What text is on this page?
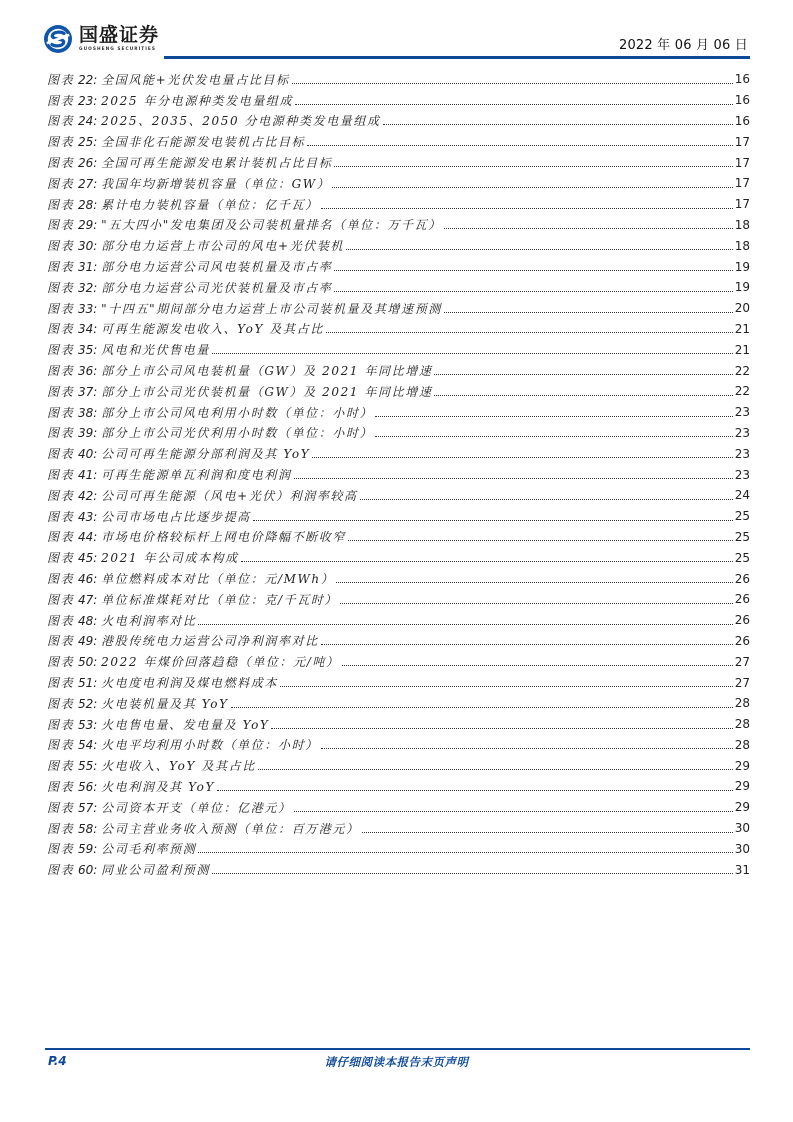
国盛证券
GUOSHENG SECURITIES	2022 年 06 月 06 日
图表 22: 全国风能+光伏发电量占比目标	16
图表 23: 2025 年分电源种类发电量组成	16
图表 24: 2025、2035、2050 分电源种类发电量组成	16
图表 25: 全国非化石能源发电装机占比目标	17
图表 26: 全国可再生能源发电累计装机占比目标	17
图表 27: 我国年均新增装机容量（单位：GW）	17
图表 28: 累计电力装机容量（单位：亿千瓦）	17
图表 29: "五大四小"发电集团及公司装机量排名（单位：万千瓦）	18
图表 30: 部分电力运营上市公司的风电+光伏装机	18
图表 31: 部分电力运营公司风电装机量及市占率	19
图表 32: 部分电力运营公司光伏装机量及市占率	19
图表 33: "十四五"期间部分电力运营上市公司装机量及其增速预测	20
图表 34: 可再生能源发电收入、YoY 及其占比	21
图表 35: 风电和光伏售电量	21
图表 36: 部分上市公司风电装机量（GW）及 2021 年同比增速	22
图表 37: 部分上市公司光伏装机量（GW）及 2021 年同比增速	22
图表 38: 部分上市公司风电利用小时数（单位：小时）	23
图表 39: 部分上市公司光伏利用小时数（单位：小时）	23
图表 40: 公司可再生能源分部利润及其 YoY	23
图表 41: 可再生能源单瓦利润和度电利润	23
图表 42: 公司可再生能源（风电+光伏）利润率较高	24
图表 43: 公司市场电占比逐步提高	25
图表 44: 市场电价格较标杆上网电价降幅不断收窄	25
图表 45: 2021 年公司成本构成	25
图表 46: 单位燃料成本对比（单位：元/MWh）	26
图表 47: 单位标准煤耗对比（单位：克/千瓦时）	26
图表 48: 火电利润率对比	26
图表 49: 港股传统电力运营公司净利润率对比	26
图表 50: 2022 年煤价回落趋稳（单位：元/吨）	27
图表 51: 火电度电利润及煤电燃料成本	27
图表 52: 火电装机量及其 YoY	28
图表 53: 火电售电量、发电量及 YoY	28
图表 54: 火电平均利用小时数（单位：小时）	28
图表 55: 火电收入、YoY 及其占比	29
图表 56: 火电利润及其 YoY	29
图表 57: 公司资本开支（单位：亿港元）	29
图表 58: 公司主营业务收入预测（单位：百万港元）	30
图表 59: 公司毛利率预测	30
图表 60: 同业公司盈利预测	31
P.4	请仔细阅读本报告末页声明
